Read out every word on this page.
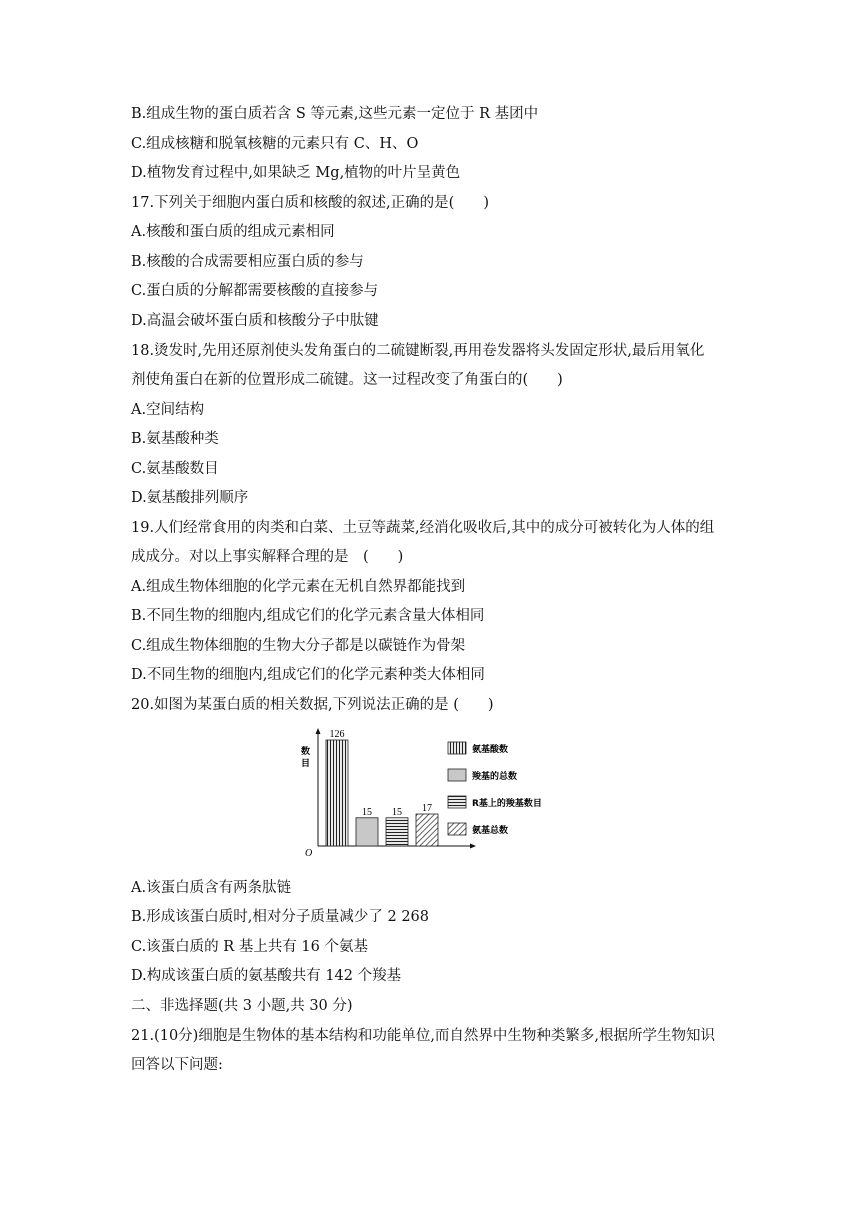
B.组成生物的蛋白质若含 S 等元素,这些元素一定位于 R 基团中
C.组成核糖和脱氧核糖的元素只有 C、H、O
D.植物发育过程中,如果缺乏 Mg,植物的叶片呈黄色
17.下列关于细胞内蛋白质和核酸的叙述,正确的是(　　)
A.核酸和蛋白质的组成元素相同
B.核酸的合成需要相应蛋白质的参与
C.蛋白质的分解都需要核酸的直接参与
D.高温会破坏蛋白质和核酸分子中肽键
18.烫发时,先用还原剂使头发角蛋白的二硫键断裂,再用卷发器将头发固定形状,最后用氧化
剂使角蛋白在新的位置形成二硫键。这一过程改变了角蛋白的(　　)
A.空间结构
B.氨基酸种类
C.氨基酸数目
D.氨基酸排列顺序
19.人们经常食用的肉类和白菜、土豆等蔬菜,经消化吸收后,其中的成分可被转化为人体的组
成成分。对以上事实解释合理的是　(　　)
A.组成生物体细胞的化学元素在无机自然界都能找到
B.不同生物的细胞内,组成它们的化学元素含量大体相同
C.组成生物体细胞的生物大分子都是以碳链作为骨架
D.不同生物的细胞内,组成它们的化学元素种类大体相同
20.如图为某蛋白质的相关数据,下列说法正确的是 (　　)
A.该蛋白质含有两条肽链
B.形成该蛋白质时,相对分子质量减少了 2 268
C.该蛋白质的 R 基上共有 16 个氨基
D.构成该蛋白质的氨基酸共有 142 个羧基
二、非选择题(共 3 小题,共 30 分)
21.(10分)细胞是生物体的基本结构和功能单位,而自然界中生物种类繁多,根据所学生物知识
回答以下问题:
O
数
目
126
15 15 17
氨基酸数
羧基的总数
R基上的羧基数目
氨基总数
